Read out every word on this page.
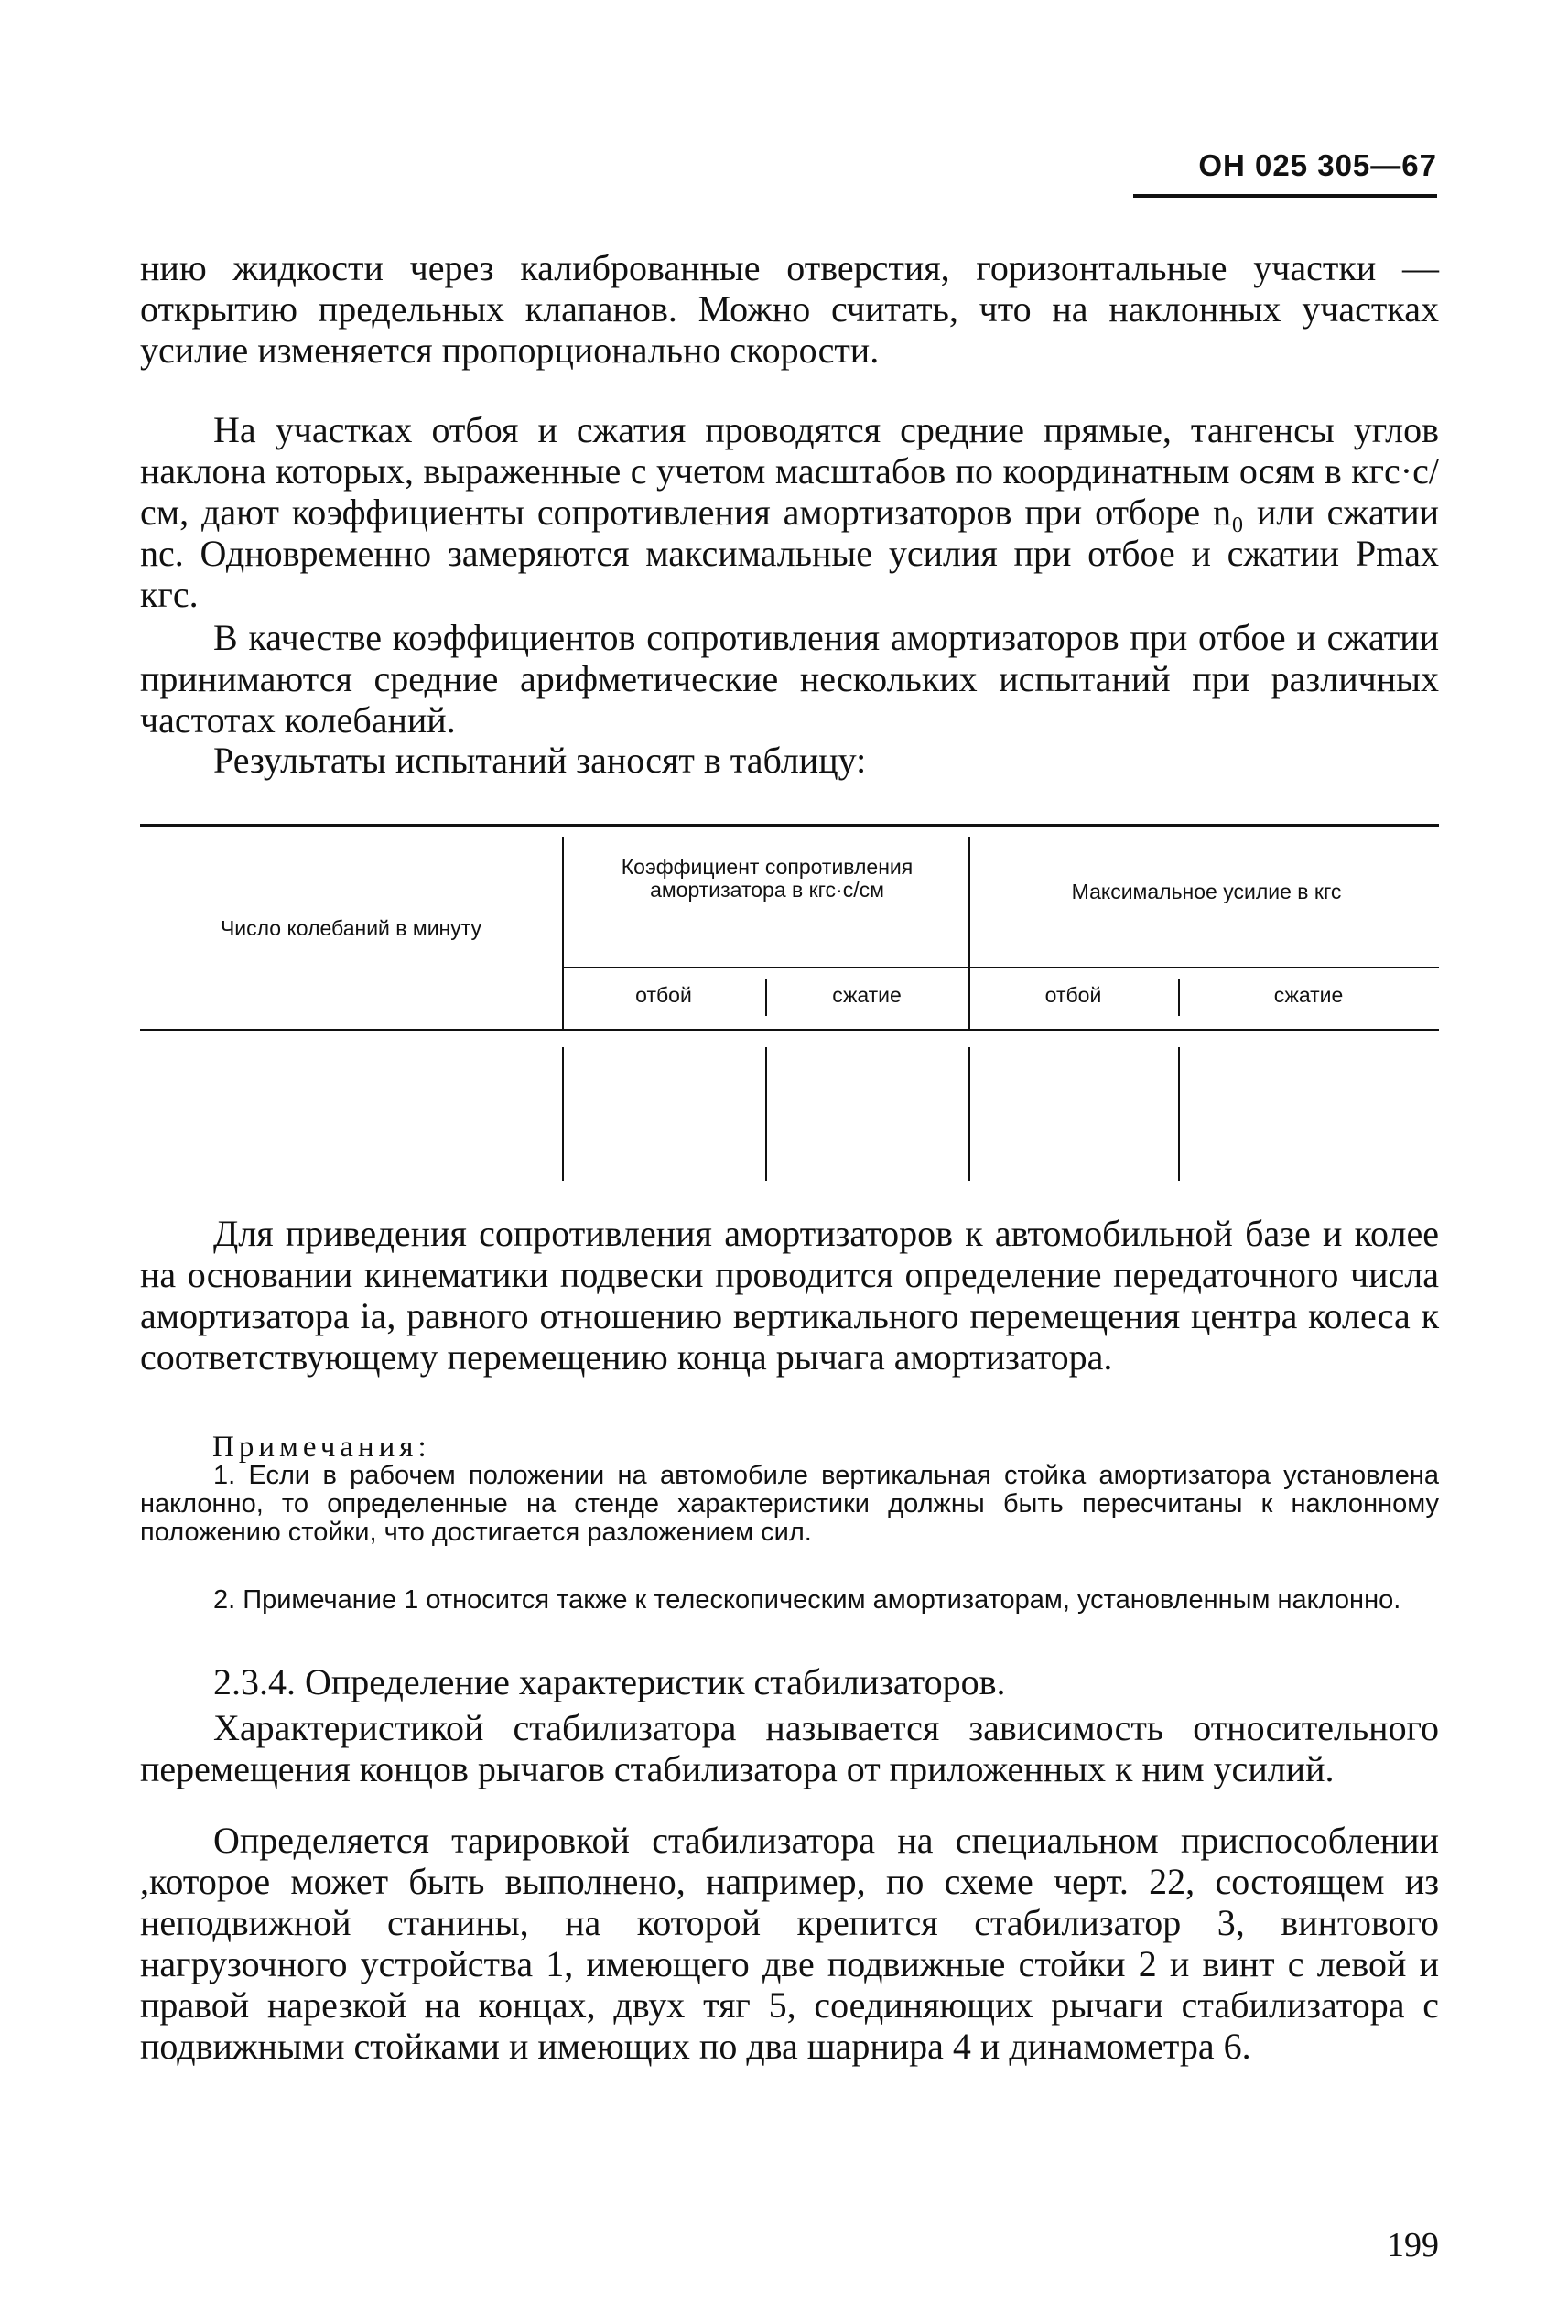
ОН 025 305—67

нию жидкости через калиброванные отверстия, горизонтальные участки — открытию предельных клапанов. Можно считать, что на наклонных участках усилие изменяется пропорционально скорости.

На участках отбоя и сжатия проводятся средние прямые, тангенсы углов наклона которых, выраженные с учетом масштабов по координатным осям в кгс·с/см, дают коэффициенты сопротивления амортизаторов при отборе n₀ или сжатии nс. Одновременно замеряются максимальные усилия при отбое и сжатии Pmax кгс.

В качестве коэффициентов сопротивления амортизаторов при отбое и сжатии принимаются средние арифметические нескольких испытаний при различных частотах колебаний.

Результаты испытаний заносят в таблицу:

Число колебаний в минуту
Коэффициент сопротивления амортизатора в кгс·с/см	Максимальное усилие в кгс
отбой	сжатие	отбой	сжатие

Для приведения сопротивления амортизаторов к автомобильной базе и колее на основании кинематики подвески проводится определение передаточного числа амортизатора iа, равного отношению вертикального перемещения центра колеса к соответствующему перемещению конца рычага амортизатора.

Примечания:

1. Если в рабочем положении на автомобиле вертикальная стойка амортизатора установлена наклонно, то определенные на стенде характеристики должны быть пересчитаны к наклонному положению стойки, что достигается разложением сил.

2. Примечание 1 относится также к телескопическим амортизаторам, установленным наклонно.

2.3.4. Определение характеристик стабилизаторов.

Характеристикой стабилизатора называется зависимость относительного перемещения концов рычагов стабилизатора от приложенных к ним усилий.

Определяется тарировкой стабилизатора на специальном приспособлении ,которое может быть выполнено, например, по схеме черт. 22, состоящем из неподвижной станины, на которой крепится стабилизатор 3, винтового нагрузочного устройства 1, имеющего две подвижные стойки 2 и винт с левой и правой нарезкой на концах, двух тяг 5, соединяющих рычаги стабилизатора с подвижными стойками и имеющих по два шарнира 4 и динамометра 6.

199
